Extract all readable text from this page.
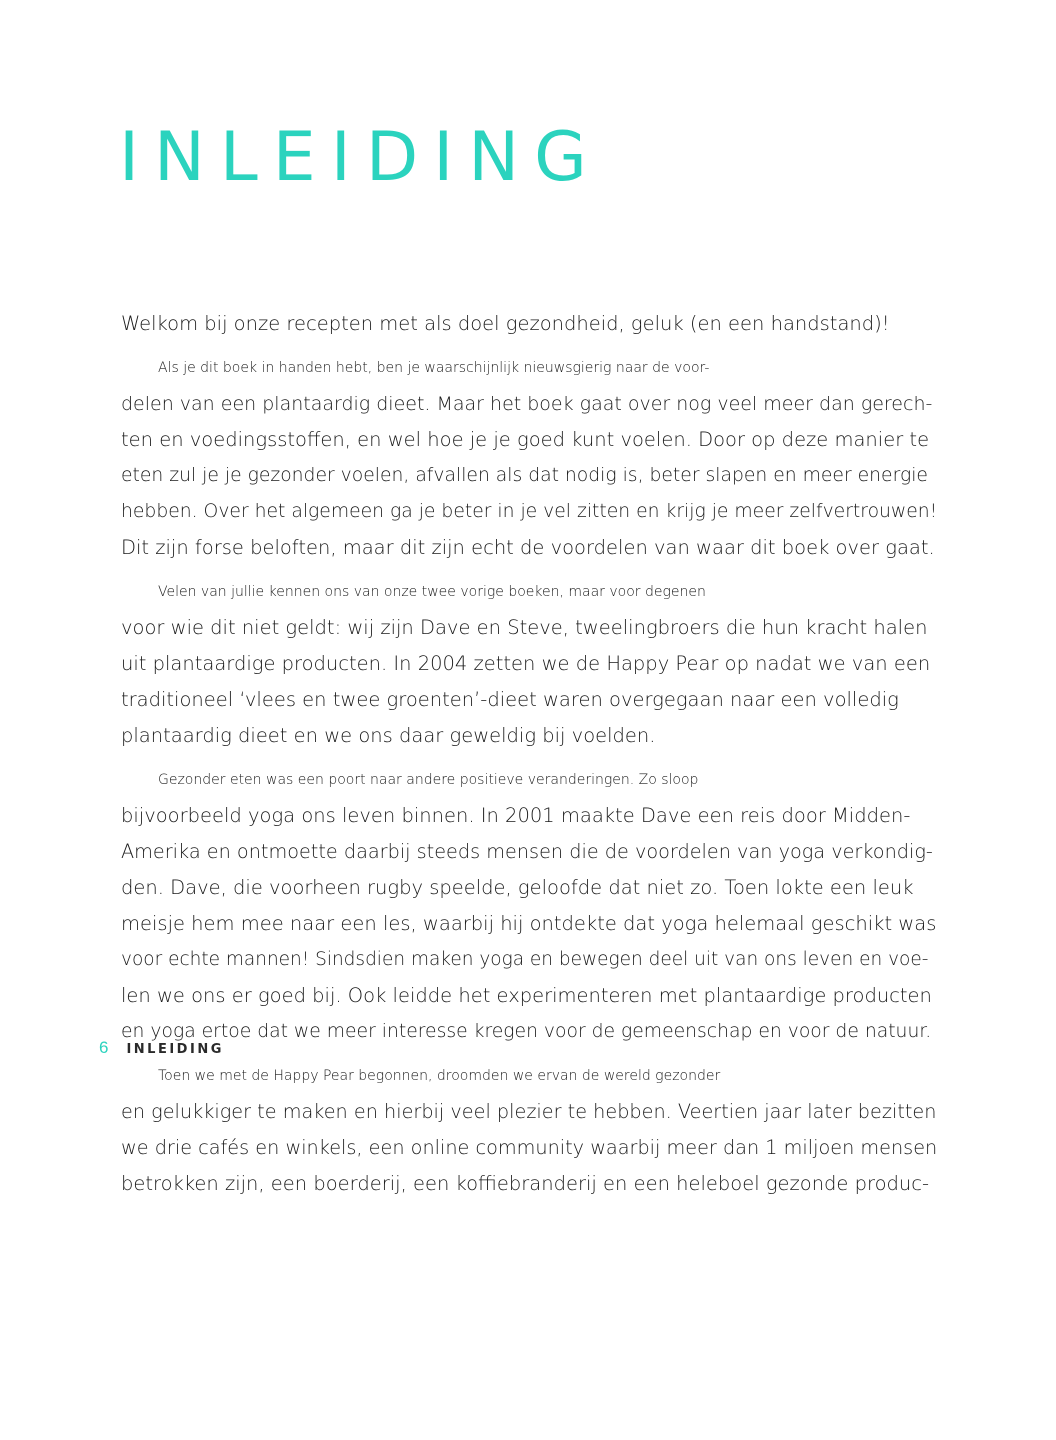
INLEIDING

Welkom bij onze recepten met als doel gezondheid, geluk (en een handstand)!

Als je dit boek in handen hebt, ben je waarschijnlijk nieuwsgierig naar de voor-
delen van een plantaardig dieet. Maar het boek gaat over nog veel meer dan gerech-
ten en voedingsstoffen, en wel hoe je je goed kunt voelen. Door op deze manier te
eten zul je je gezonder voelen, afvallen als dat nodig is, beter slapen en meer energie
hebben. Over het algemeen ga je beter in je vel zitten en krijg je meer zelfvertrouwen!
Dit zijn forse beloften, maar dit zijn echt de voordelen van waar dit boek over gaat.

Velen van jullie kennen ons van onze twee vorige boeken, maar voor degenen
voor wie dit niet geldt: wij zijn Dave en Steve, tweelingbroers die hun kracht halen
uit plantaardige producten. In 2004 zetten we de Happy Pear op nadat we van een
traditioneel ‘vlees en twee groenten’-dieet waren overgegaan naar een volledig
plantaardig dieet en we ons daar geweldig bij voelden.

Gezonder eten was een poort naar andere positieve veranderingen. Zo sloop
bijvoorbeeld yoga ons leven binnen. In 2001 maakte Dave een reis door Midden-
Amerika en ontmoette daarbij steeds mensen die de voordelen van yoga verkondig-
den. Dave, die voorheen rugby speelde, geloofde dat niet zo. Toen lokte een leuk
meisje hem mee naar een les, waarbij hij ontdekte dat yoga helemaal geschikt was
voor echte mannen! Sindsdien maken yoga en bewegen deel uit van ons leven en voe-
len we ons er goed bij. Ook leidde het experimenteren met plantaardige producten
en yoga ertoe dat we meer interesse kregen voor de gemeenschap en voor de natuur.

Toen we met de Happy Pear begonnen, droomden we ervan de wereld gezonder
en gelukkiger te maken en hierbij veel plezier te hebben. Veertien jaar later bezitten
we drie cafés en winkels, een online community waarbij meer dan 1 miljoen mensen
betrokken zijn, een boerderij, een koffiebranderij en een heleboel gezonde produc-

6 INLEIDING
